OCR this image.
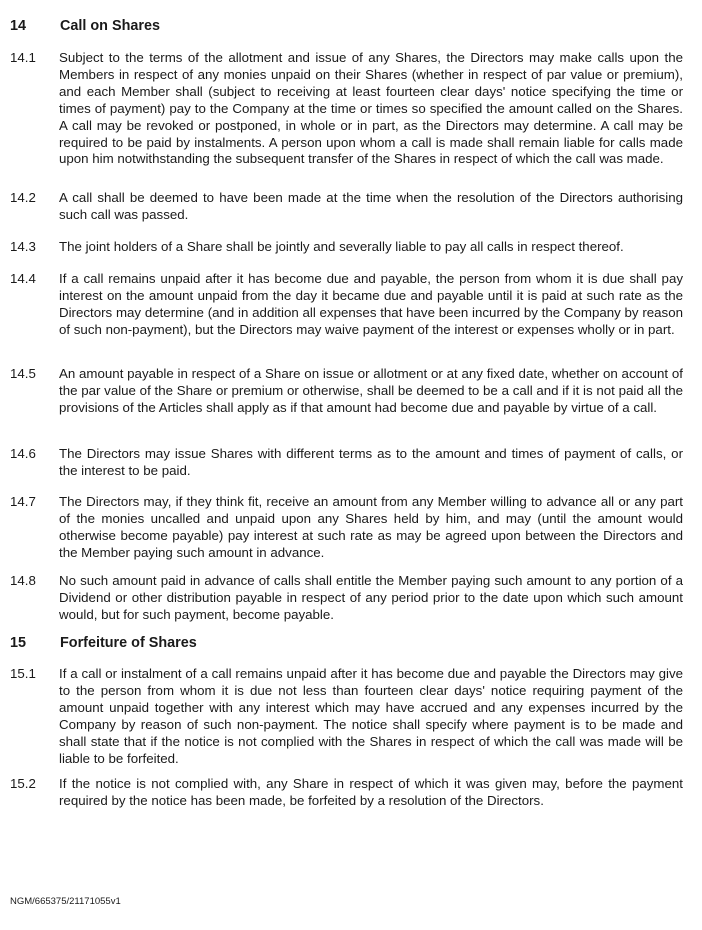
14 Call on Shares
14.1 Subject to the terms of the allotment and issue of any Shares, the Directors may make calls upon the Members in respect of any monies unpaid on their Shares (whether in respect of par value or premium), and each Member shall (subject to receiving at least fourteen clear days' notice specifying the time or times of payment) pay to the Company at the time or times so specified the amount called on the Shares. A call may be revoked or postponed, in whole or in part, as the Directors may determine. A call may be required to be paid by instalments. A person upon whom a call is made shall remain liable for calls made upon him notwithstanding the subsequent transfer of the Shares in respect of which the call was made.
14.2 A call shall be deemed to have been made at the time when the resolution of the Directors authorising such call was passed.
14.3 The joint holders of a Share shall be jointly and severally liable to pay all calls in respect thereof.
14.4 If a call remains unpaid after it has become due and payable, the person from whom it is due shall pay interest on the amount unpaid from the day it became due and payable until it is paid at such rate as the Directors may determine (and in addition all expenses that have been incurred by the Company by reason of such non-payment), but the Directors may waive payment of the interest or expenses wholly or in part.
14.5 An amount payable in respect of a Share on issue or allotment or at any fixed date, whether on account of the par value of the Share or premium or otherwise, shall be deemed to be a call and if it is not paid all the provisions of the Articles shall apply as if that amount had become due and payable by virtue of a call.
14.6 The Directors may issue Shares with different terms as to the amount and times of payment of calls, or the interest to be paid.
14.7 The Directors may, if they think fit, receive an amount from any Member willing to advance all or any part of the monies uncalled and unpaid upon any Shares held by him, and may (until the amount would otherwise become payable) pay interest at such rate as may be agreed upon between the Directors and the Member paying such amount in advance.
14.8 No such amount paid in advance of calls shall entitle the Member paying such amount to any portion of a Dividend or other distribution payable in respect of any period prior to the date upon which such amount would, but for such payment, become payable.
15 Forfeiture of Shares
15.1 If a call or instalment of a call remains unpaid after it has become due and payable the Directors may give to the person from whom it is due not less than fourteen clear days' notice requiring payment of the amount unpaid together with any interest which may have accrued and any expenses incurred by the Company by reason of such non-payment. The notice shall specify where payment is to be made and shall state that if the notice is not complied with the Shares in respect of which the call was made will be liable to be forfeited.
15.2 If the notice is not complied with, any Share in respect of which it was given may, before the payment required by the notice has been made, be forfeited by a resolution of the Directors.
NGM/665375/21171055v1
